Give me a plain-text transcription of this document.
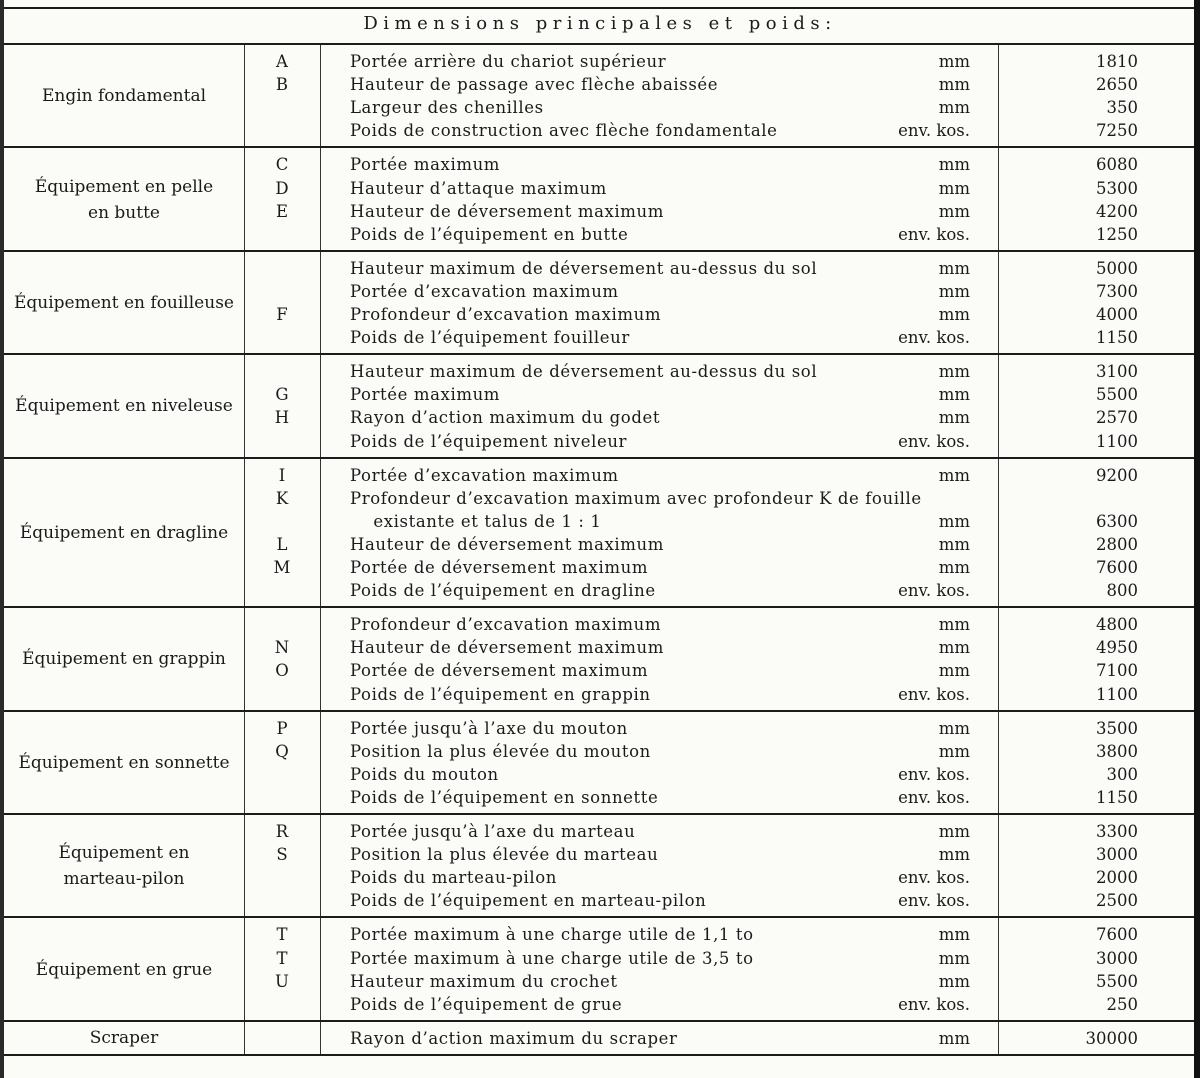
Dimensions principales et poids:
Engin fondamental
A	Portée arrière du chariot supérieur	mm	1810
B	Hauteur de passage avec flèche abaissée	mm	2650
Largeur des chenilles	mm	350
Poids de construction avec flèche fondamentale	env. kos.	7250
Équipement en pelle
en butte
C	Portée maximum	mm	6080
D	Hauteur d’attaque maximum	mm	5300
E	Hauteur de déversement maximum	mm	4200
Poids de l’équipement en butte	env. kos.	1250
Équipement en fouilleuse
Hauteur maximum de déversement au-dessus du sol	mm	5000
Portée d’excavation maximum	mm	7300
F	Profondeur d’excavation maximum	mm	4000
Poids de l’équipement fouilleur	env. kos.	1150
Équipement en niveleuse
Hauteur maximum de déversement au-dessus du sol	mm	3100
G	Portée maximum	mm	5500
H	Rayon d’action maximum du godet	mm	2570
Poids de l’équipement niveleur	env. kos.	1100
Équipement en dragline
I	Portée d’excavation maximum	mm	9200
K	Profondeur d’excavation maximum avec profondeur K de fouille
existante et talus de 1 : 1	mm	6300
L	Hauteur de déversement maximum	mm	2800
M	Portée de déversement maximum	mm	7600
Poids de l’équipement en dragline	env. kos.	800
Équipement en grappin
Profondeur d’excavation maximum	mm	4800
N	Hauteur de déversement maximum	mm	4950
O	Portée de déversement maximum	mm	7100
Poids de l’équipement en grappin	env. kos.	1100
Équipement en sonnette
P	Portée jusqu’à l’axe du mouton	mm	3500
Q	Position la plus élevée du mouton	mm	3800
Poids du mouton	env. kos.	300
Poids de l’équipement en sonnette	env. kos.	1150
Équipement en
marteau-pilon
R	Portée jusqu’à l’axe du marteau	mm	3300
S	Position la plus élevée du marteau	mm	3000
Poids du marteau-pilon	env. kos.	2000
Poids de l’équipement en marteau-pilon	env. kos.	2500
Équipement en grue
T	Portée maximum à une charge utile de 1,1 to	mm	7600
T	Portée maximum à une charge utile de 3,5 to	mm	3000
U	Hauteur maximum du crochet	mm	5500
Poids de l’équipement de grue	env. kos.	250
Scraper	Rayon d’action maximum du scraper	mm	30000
